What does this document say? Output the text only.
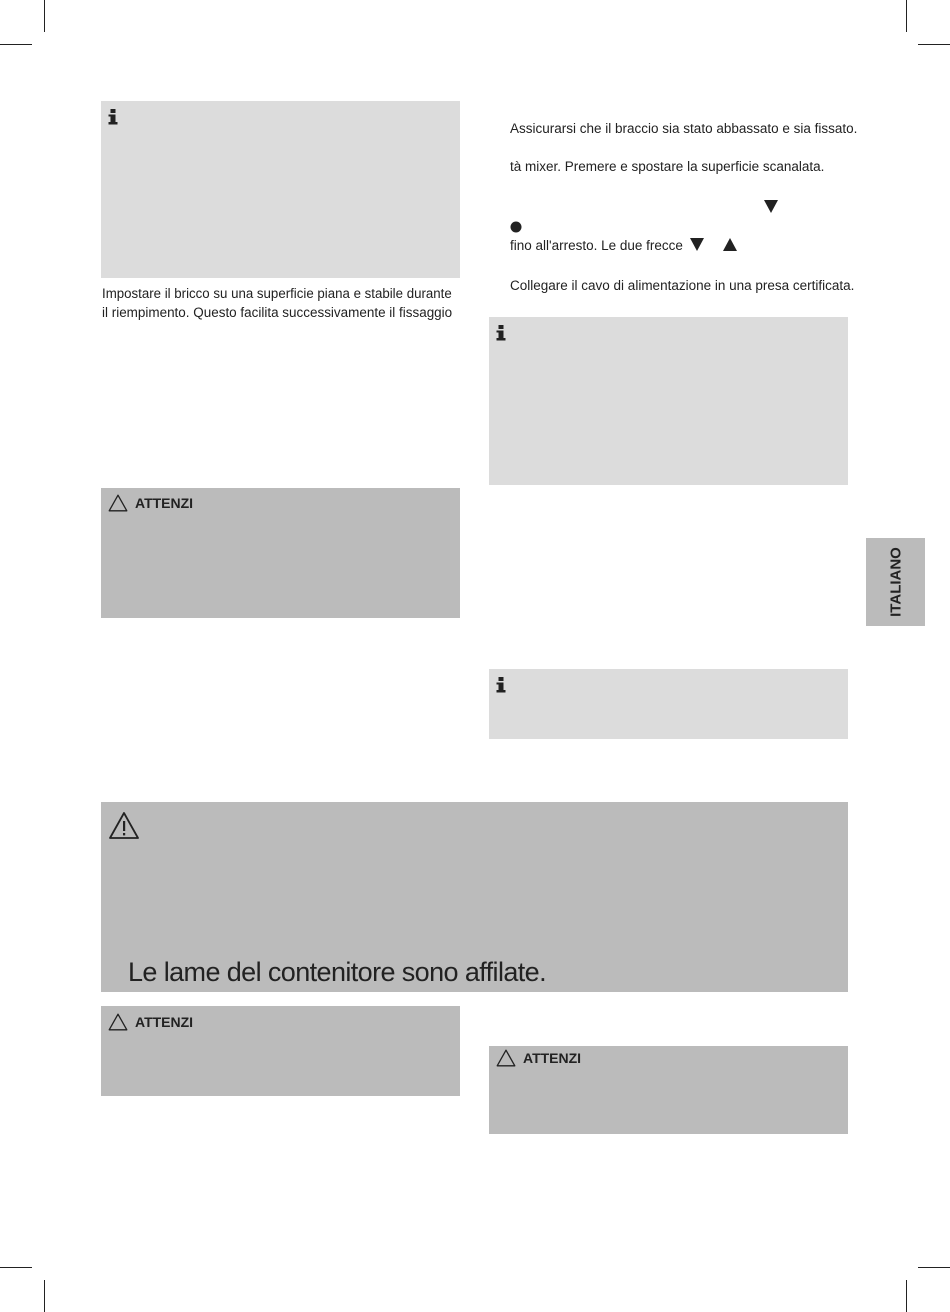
Impostare il bricco su una superficie piana e stabile durante
il riempimento. Questo facilita successivamente il fissaggio
ATTENZI
ATTENZI
Assicurarsi che il braccio sia stato abbassato e sia fissato.
tà mixer. Premere e spostare la superficie scanalata.
fino all'arresto. Le due frecce
Collegare il cavo di alimentazione in una presa certificata.
Le lame del contenitore sono affilate.
ATTENZI
ITALIANO
